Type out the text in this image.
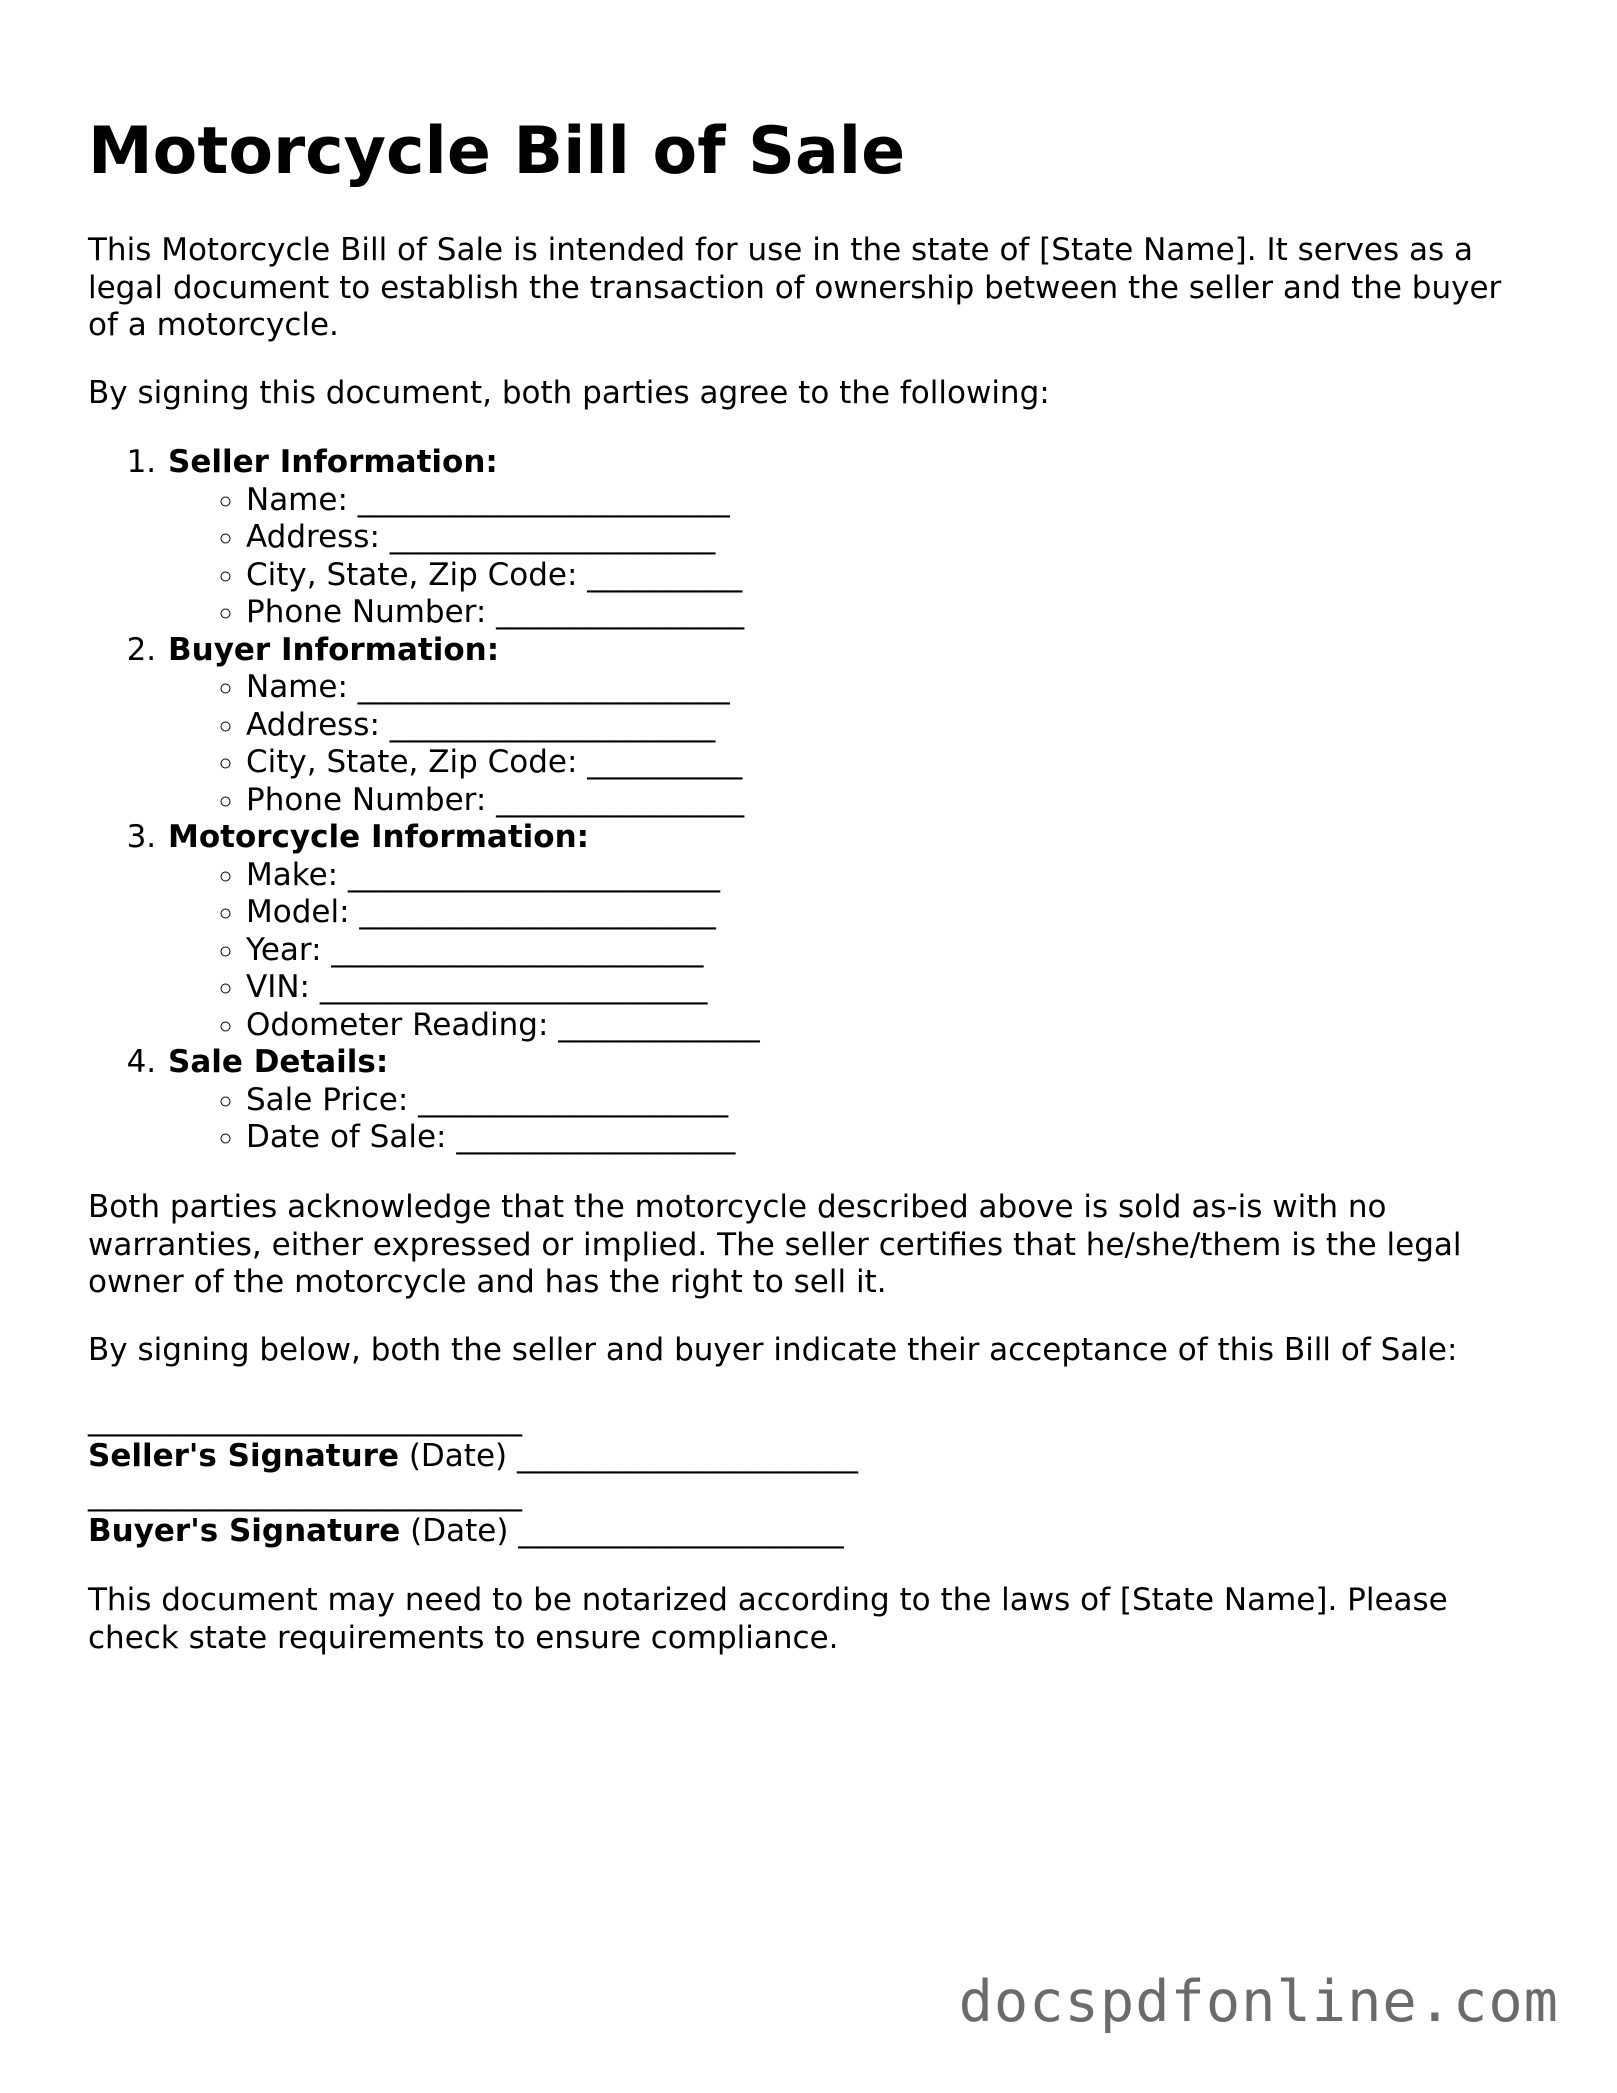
Motorcycle Bill of Sale

This Motorcycle Bill of Sale is intended for use in the state of [State Name]. It serves as a legal document to establish the transaction of ownership between the seller and the buyer of a motorcycle.

By signing this document, both parties agree to the following:

1. Seller Information:
◦ Name: ________________________
◦ Address: _____________________
◦ City, State, Zip Code: __________
◦ Phone Number: ________________
2. Buyer Information:
◦ Name: ________________________
◦ Address: _____________________
◦ City, State, Zip Code: __________
◦ Phone Number: ________________
3. Motorcycle Information:
◦ Make: ________________________
◦ Model: _______________________
◦ Year: ________________________
◦ VIN: _________________________
◦ Odometer Reading: _____________
4. Sale Details:
◦ Sale Price: ____________________
◦ Date of Sale: __________________

Both parties acknowledge that the motorcycle described above is sold as-is with no warranties, either expressed or implied. The seller certifies that he/she/them is the legal owner of the motorcycle and has the right to sell it.

By signing below, both the seller and buyer indicate their acceptance of this Bill of Sale:

____________________________
Seller's Signature (Date) ______________________
____________________________
Buyer's Signature (Date) _____________________

This document may need to be notarized according to the laws of [State Name]. Please check state requirements to ensure compliance.

docspdfonline.com
